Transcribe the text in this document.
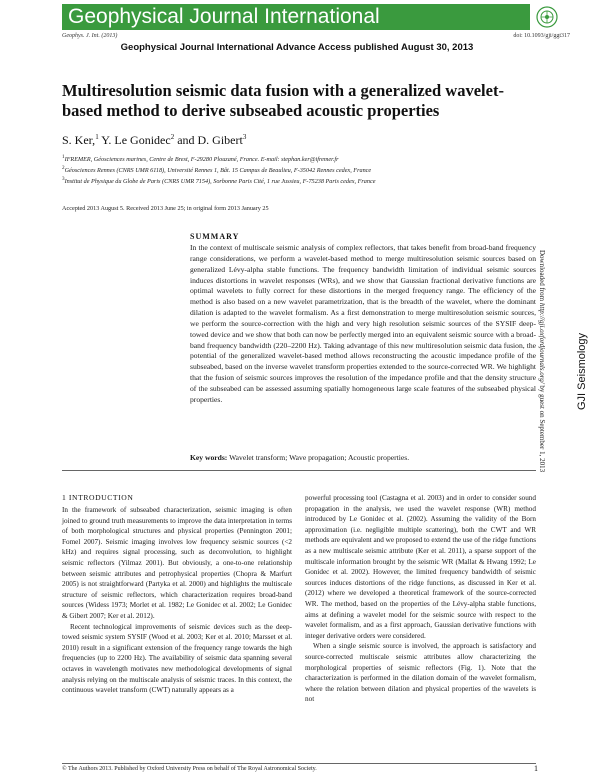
Geophysical Journal International
Geophys. J. Int. (2013)	doi: 10.1093/gji/ggt317
Geophysical Journal International Advance Access published August 30, 2013
Multiresolution seismic data fusion with a generalized wavelet-based method to derive subseabed acoustic properties
S. Ker,$^1$ Y. Le Gonidec$^2$ and D. Gibert$^3$
$^1$IFREMER, Géosciences marines, Centre de Brest, F-29280 Plouzané, France. E-mail: stephan.ker@ifremer.fr
$^2$Géosciences Rennes (CNRS UMR 6118), Université Rennes 1, Bât. 15 Campus de Beaulieu, F-35042 Rennes cedex, France
$^3$Institut de Physique du Globe de Paris (CNRS UMR 7154), Sorbonne Paris Cité, 1 rue Jussieu, F-75238 Paris cedex, France
Accepted 2013 August 5. Received 2013 June 25; in original form 2013 January 25
SUMMARY
In the context of multiscale seismic analysis of complex reflectors, that takes benefit from broad-band frequency range considerations, we perform a wavelet-based method to merge multiresolution seismic sources based on generalized Lévy-alpha stable functions. The frequency bandwidth limitation of individual seismic sources induces distortions in wavelet responses (WRs), and we show that Gaussian fractional derivative functions are optimal wavelets to fully correct for these distortions in the merged frequency range. The efficiency of the method is also based on a new wavelet parametrization, that is the breadth of the wavelet, where the dominant dilation is adapted to the wavelet formalism. As a first demonstration to merge multiresolution seismic sources, we perform the source-correction with the high and very high resolution seismic sources of the SYSIF deep-towed device and we show that both can now be perfectly merged into an equivalent seismic source with a broad-band frequency bandwidth (220–2200 Hz). Taking advantage of this new multiresolution seismic data fusion, the potential of the generalized wavelet-based method allows reconstructing the acoustic impedance profile of the subseabed, based on the inverse wavelet transform properties extended to the source-corrected WR. We highlight that the fusion of seismic sources improves the resolution of the impedance profile and that the density structure of the subseabed can be assessed assuming spatially homogeneous large scale features of the subseabed physical properties.
Key words: Wavelet transform; Wave propagation; Acoustic properties.
1 INTRODUCTION

In the framework of subseabed characterization, seismic imaging is often joined to ground truth measurements to improve the data interpretation in terms of both morphological structures and physical properties (Pennington 2001; Fomel 2007). Seismic imaging involves low frequency seismic sources (<2 kHz) and requires signal processing, such as deconvolution, to highlight seismic reflectors (Yilmaz 2001). But obviously, a one-to-one relationship between seismic attributes and petrophysical properties (Chopra & Marfurt 2005) is not straightforward (Partyka et al. 2000) and highlights the multiscale structure of seismic reflectors, which characterization requires broad-band sources (Widess 1973; Morlet et al. 1982; Le Gonidec et al. 2002; Le Gonidec & Gibert 2007; Ker et al. 2012).

Recent technological improvements of seismic devices such as the deep-towed seismic system SYSIF (Wood et al. 2003; Ker et al. 2010; Marsset et al. 2010) result in a significant extension of the frequency range towards the high frequencies (up to 2200 Hz). The availability of seismic data spanning several octaves in wavelength motivates new methodological developments of signal analysis relying on the multiscale analysis of seismic traces. In this context, the continuous wavelet transform (CWT) naturally appears as a

powerful processing tool (Castagna et al. 2003) and in order to consider sound propagation in the analysis, we used the wavelet response (WR) method introduced by Le Gonidec et al. (2002). Assuming the validity of the Born approximation (i.e. negligible multiple scattering), both the CWT and WR methods are equivalent and we proposed to extend the use of the ridge functions as a new multiscale seismic attribute (Ker et al. 2011), a sparse support of the multiscale information brought by the seismic WR (Mallat & Hwang 1992; Le Gonidec et al. 2002). However, the limited frequency bandwidth of seismic sources induces distortions of the ridge functions, as discussed in Ker et al. (2012) where we developed a theoretical framework of the source-corrected WR. The method, based on the properties of the Lévy-alpha stable functions, aims at defining a wavelet model for the seismic source with respect to the wavelet formalism, and as a first approach, Gaussian derivative functions with integer derivative orders were considered.

When a single seismic source is involved, the approach is satisfactory and source-corrected multiscale seismic attributes allow characterizing the morphological properties of seismic reflectors (Fig. 1). Note that the characterization is performed in the dilation domain of the wavelet formalism, where the relation between dilation and physical properties of the wavelets is not

© The Authors 2013. Published by Oxford University Press on behalf of The Royal Astronomical Society.	1
Downloaded from http://gji.oxfordjournals.org/ by guest on September 1, 2013
GJI Seismology
